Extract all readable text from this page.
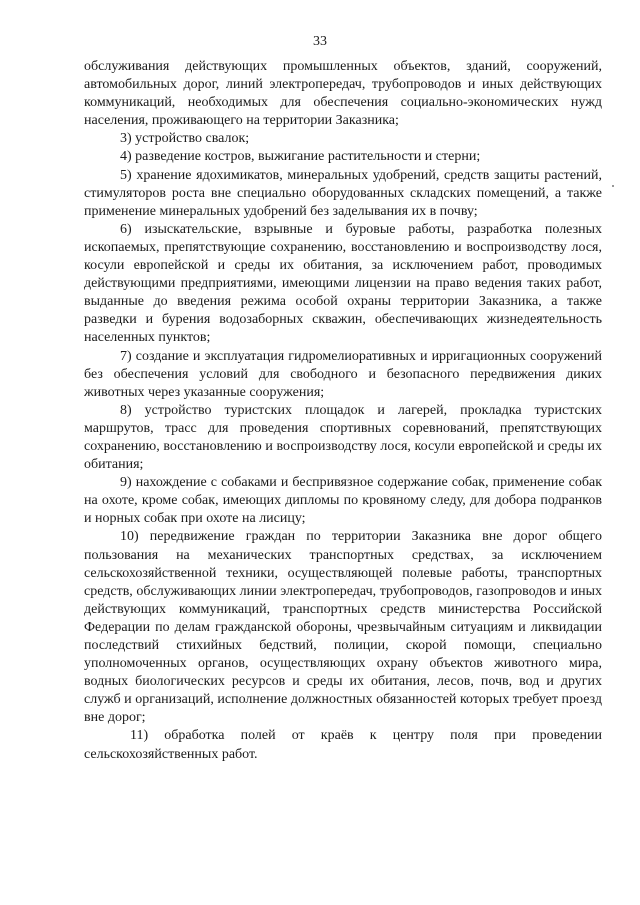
33

обслуживания действующих промышленных объектов, зданий, сооружений, автомобильных дорог, линий электропередач, трубопроводов и иных действующих коммуникаций, необходимых для обеспечения социально-экономических нужд населения, проживающего на территории Заказника;

3) устройство свалок;

4) разведение костров, выжигание растительности и стерни;

5) хранение ядохимикатов, минеральных удобрений, средств защиты растений, стимуляторов роста вне специально оборудованных складских помещений, а также применение минеральных удобрений без заделывания их в почву;

6) изыскательские, взрывные и буровые работы, разработка полезных ископаемых, препятствующие сохранению, восстановлению и воспроизводству лося, косули европейской и среды их обитания, за исключением работ, проводимых действующими предприятиями, имеющими лицензии на право ведения таких работ, выданные до введения режима особой охраны территории Заказника, а также разведки и бурения водозаборных скважин, обеспечивающих жизнедеятельность населенных пунктов;

7) создание и эксплуатация гидромелиоративных и ирригационных сооружений без обеспечения условий для свободного и безопасного передвижения диких животных через указанные сооружения;

8) устройство туристских площадок и лагерей, прокладка туристских маршрутов, трасс для проведения спортивных соревнований, препятствующих сохранению, восстановлению и воспроизводству лося, косули европейской и среды их обитания;

9) нахождение с собаками и беспривязное содержание собак, применение собак на охоте, кроме собак, имеющих дипломы по кровяному следу, для добора подранков и норных собак при охоте на лисицу;

10) передвижение граждан по территории Заказника вне дорог общего пользования на механических транспортных средствах, за исключением сельскохозяйственной техники, осуществляющей полевые работы, транспортных средств, обслуживающих линии электропередач, трубопроводов, газопроводов и иных действующих коммуникаций, транспортных средств министерства Российской Федерации по делам гражданской обороны, чрезвычайным ситуациям и ликвидации последствий стихийных бедствий, полиции, скорой помощи, специально уполномоченных органов, осуществляющих охрану объектов животного мира, водных биологических ресурсов и среды их обитания, лесов, почв, вод и других служб и организаций, исполнение должностных обязанностей которых требует проезд вне дорог;

11) обработка полей от краёв к центру поля при проведении сельскохозяйственных работ.
